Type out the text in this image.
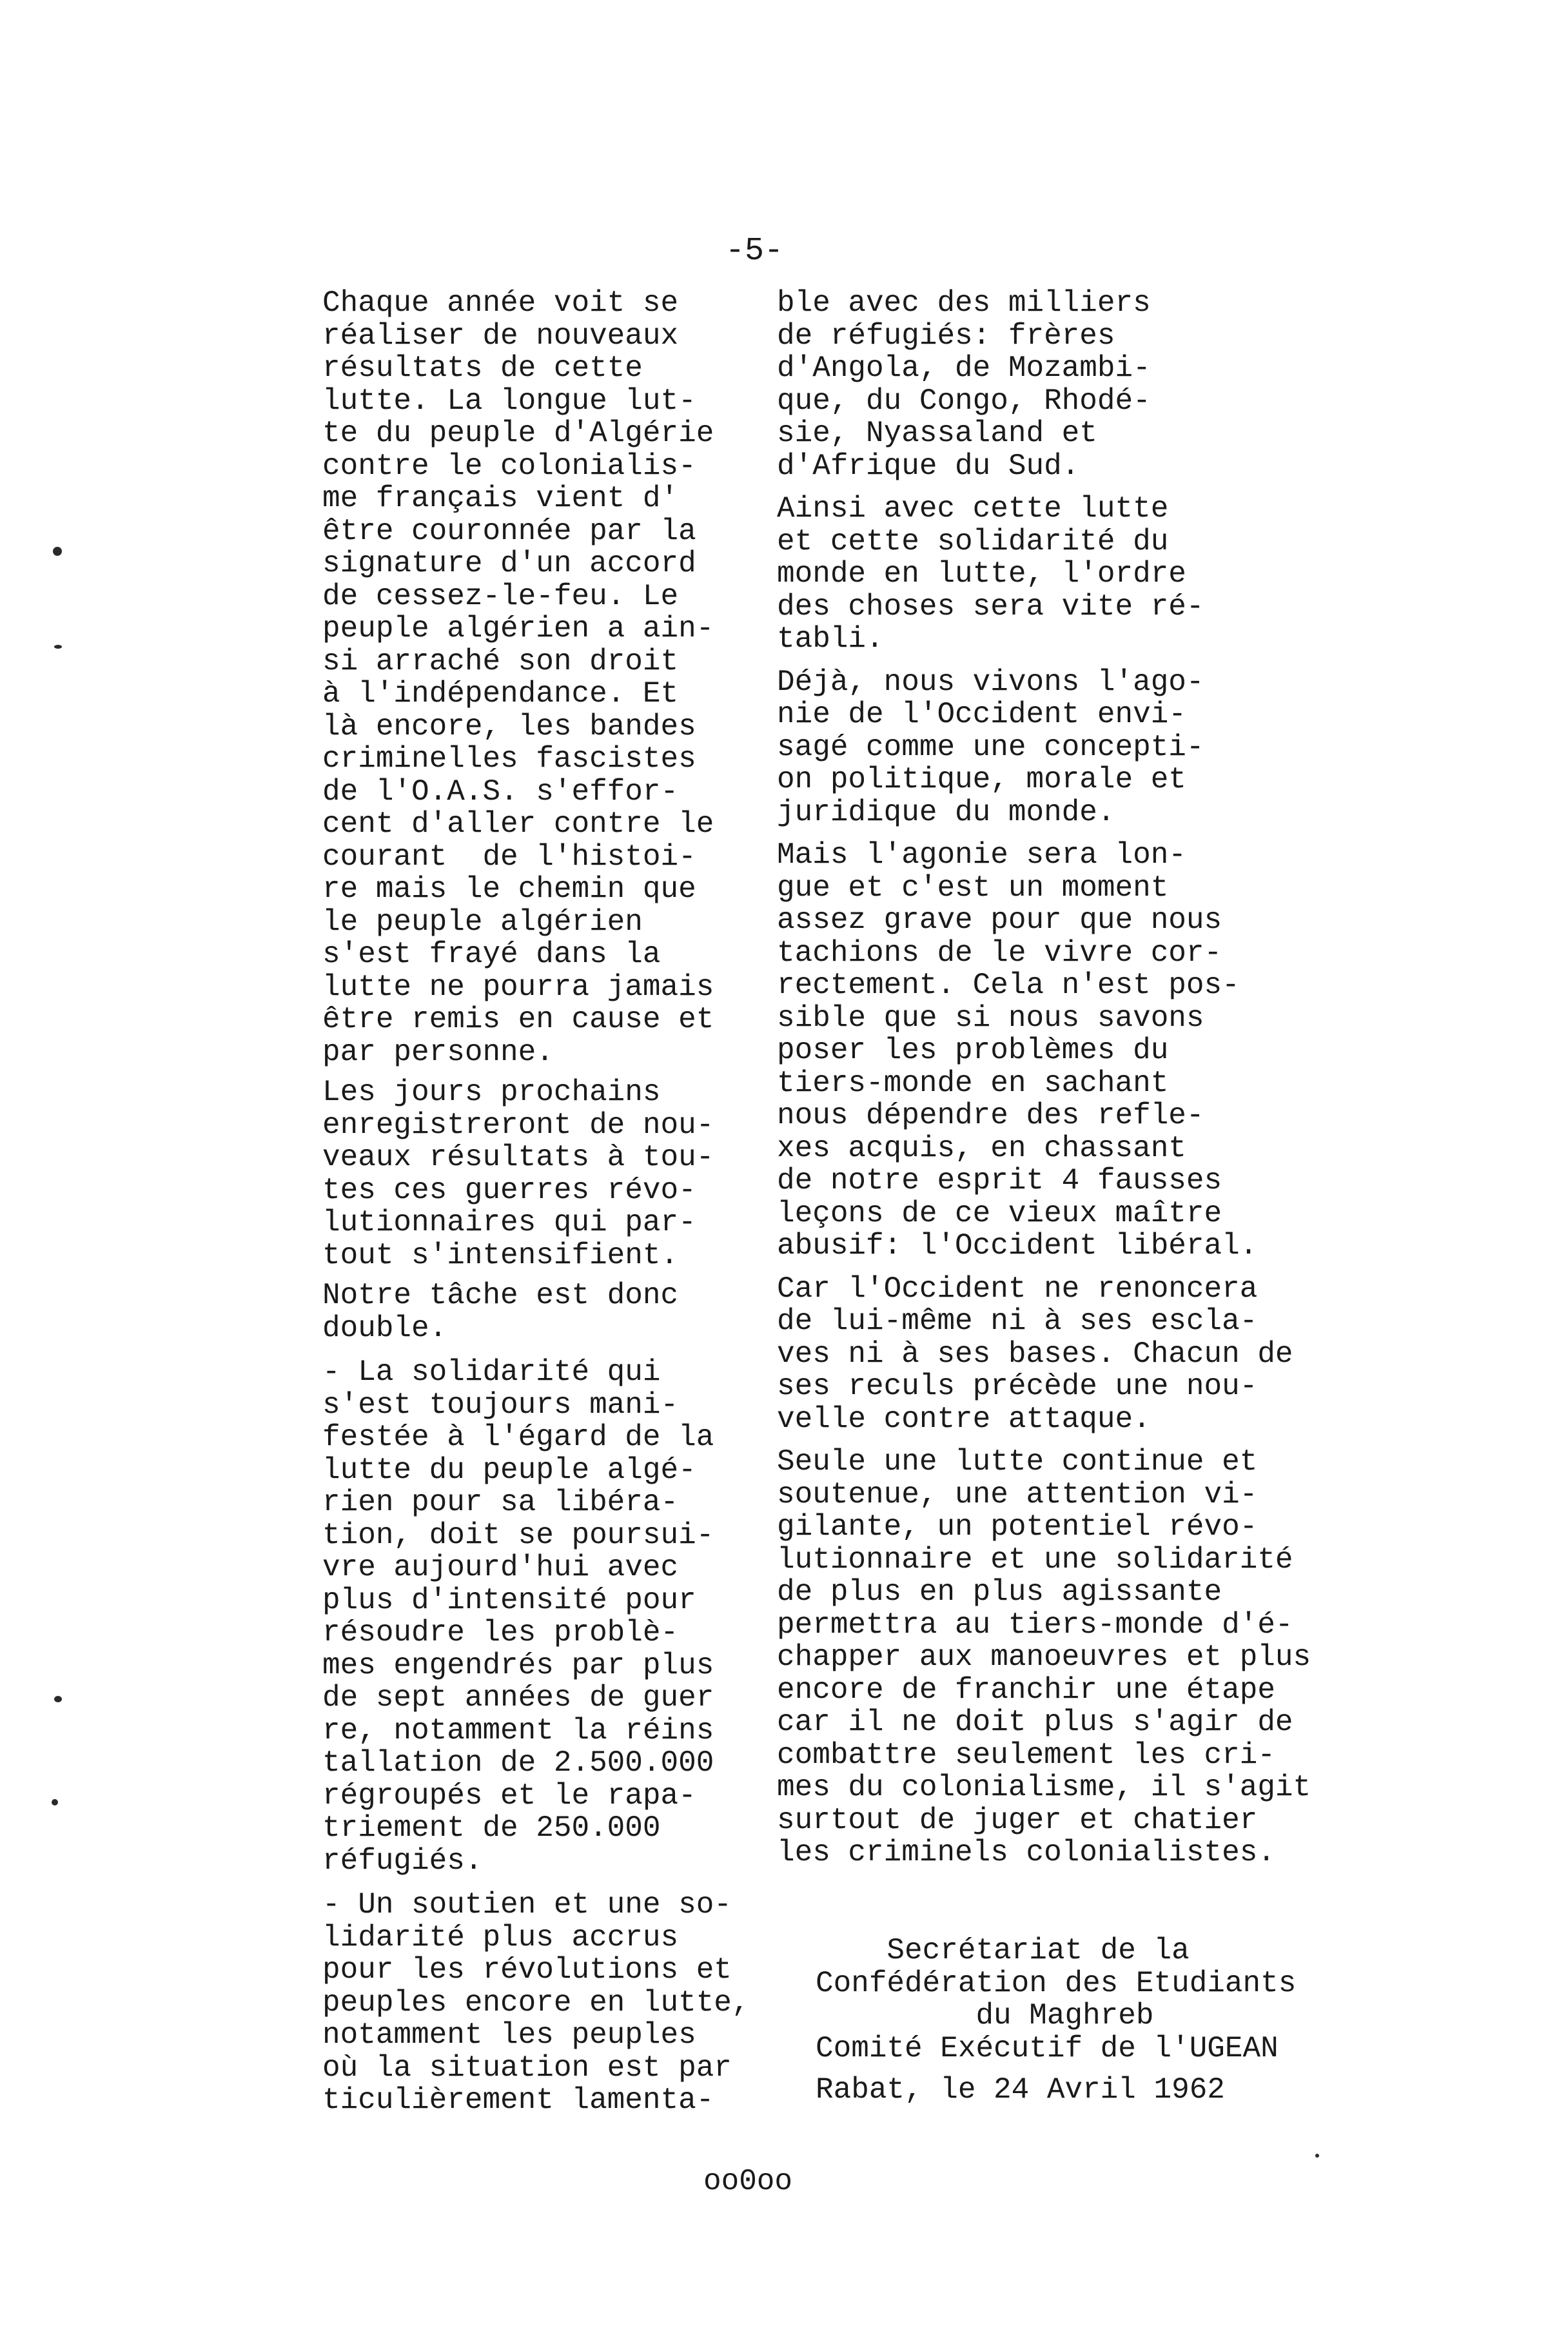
-5-

Chaque année voit se
réaliser de nouveaux
résultats de cette
lutte. La longue lut-
te du peuple d'Algérie
contre le colonialis-
me français vient d'
être couronnée par la
signature d'un accord
de cessez-le-feu. Le
peuple algérien a ain-
si arraché son droit
à l'indépendance. Et
là encore, les bandes
criminelles fascistes
de l'O.A.S. s'effor-
cent d'aller contre le
courant  de l'histoi-
re mais le chemin que
le peuple algérien
s'est frayé dans la
lutte ne pourra jamais
être remis en cause et
par personne.

Les jours prochains
enregistreront de nou-
veaux résultats à tou-
tes ces guerres révo-
lutionnaires qui par-
tout s'intensifient.

Notre tâche est donc
double.

- La solidarité qui
s'est toujours mani-
festée à l'égard de la
lutte du peuple algé-
rien pour sa libéra-
tion, doit se poursui-
vre aujourd'hui avec
plus d'intensité pour
résoudre les problè-
mes engendrés par plus
de sept années de guer
re, notamment la réins
tallation de 2.500.000
régroupés et le rapa-
triement de 250.000
réfugiés.

- Un soutien et une so-
lidarité plus accrus
pour les révolutions et
peuples encore en lutte,
notamment les peuples
où la situation est par
ticulièrement lamenta-

ble avec des milliers
de réfugiés: frères
d'Angola, de Mozambi-
que, du Congo, Rhodé-
sie, Nyassaland et
d'Afrique du Sud.

Ainsi avec cette lutte
et cette solidarité du
monde en lutte, l'ordre
des choses sera vite ré-
tabli.

Déjà, nous vivons l'ago-
nie de l'Occident envi-
sagé comme une concepti-
on politique, morale et
juridique du monde.

Mais l'agonie sera lon-
gue et c'est un moment
assez grave pour que nous
tachions de le vivre cor-
rectement. Cela n'est pos-
sible que si nous savons
poser les problèmes du
tiers-monde en sachant
nous dépendre des refle-
xes acquis, en chassant
de notre esprit 4 fausses
leçons de ce vieux maître
abusif: l'Occident libéral.

Car l'Occident ne renoncera
de lui-même ni à ses escla-
ves ni à ses bases. Chacun de
ses reculs précède une nou-
velle contre attaque.

Seule une lutte continue et
soutenue, une attention vi-
gilante, un potentiel révo-
lutionnaire et une solidarité
de plus en plus agissante
permettra au tiers-monde d'é-
chapper aux manoeuvres et plus
encore de franchir une étape
car il ne doit plus s'agir de
combattre seulement les cri-
mes du colonialisme, il s'agit
surtout de juger et chatier
les criminels colonialistes.

Secrétariat de la
Confédération des Etudiants
du Maghreb
Comité Exécutif de l'UGEAN
Rabat, le 24 Avril 1962
oo0oo
